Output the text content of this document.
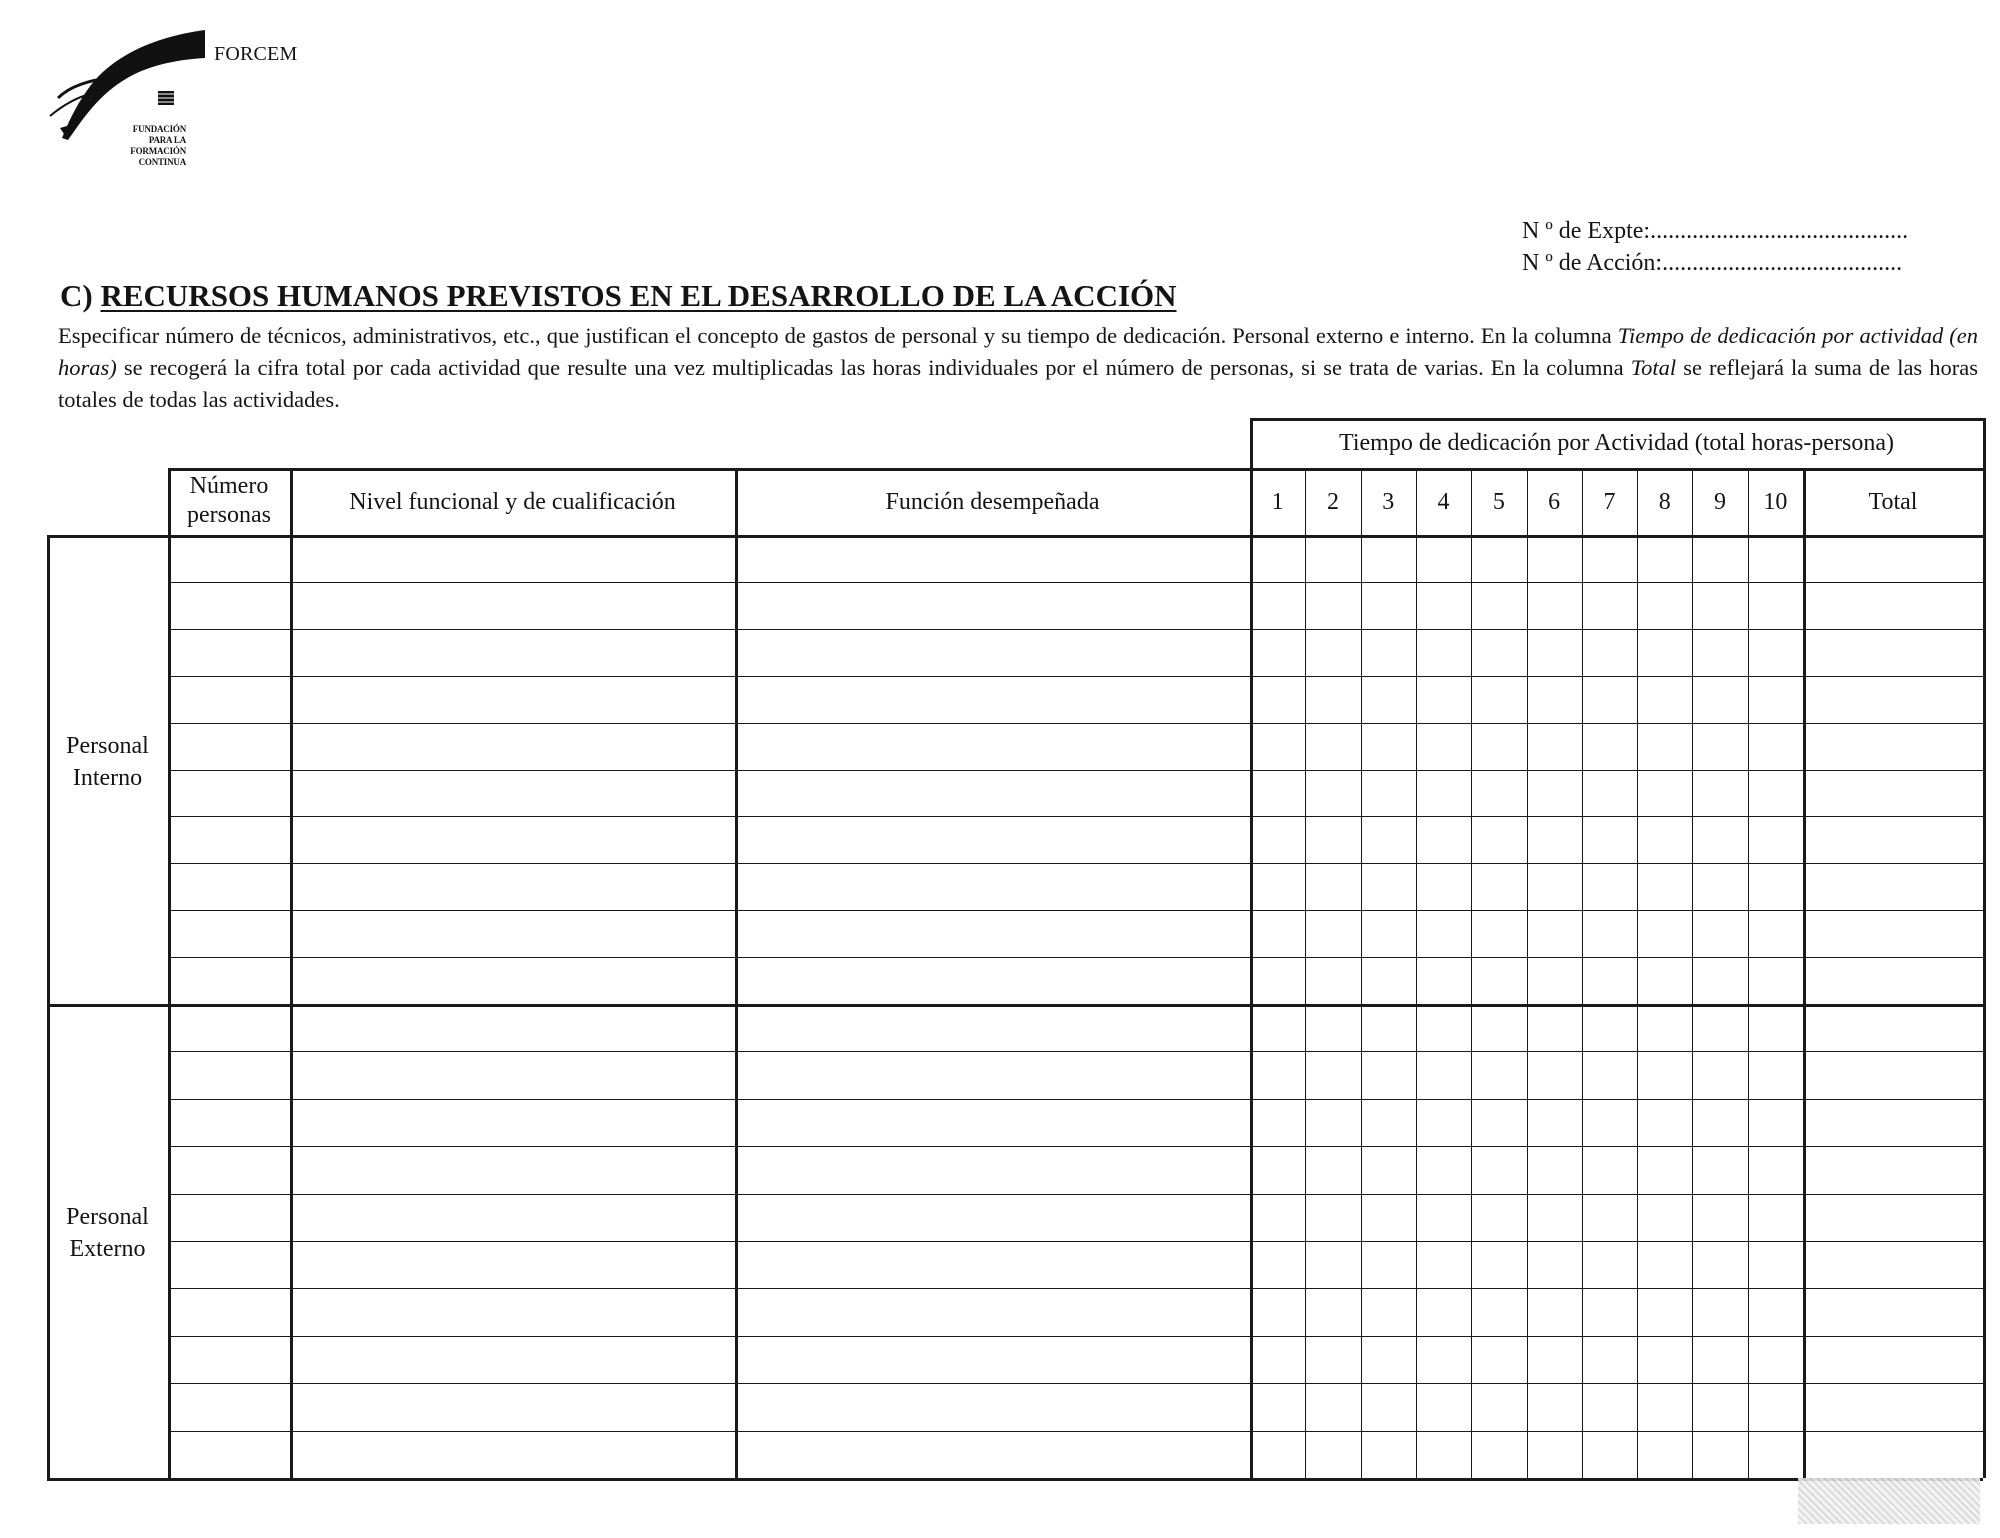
FORCEM
FUNDACIÓN
PARA LA
FORMACIÓN
CONTINUA
N º de Expte:...........................................
N º de Acción:........................................
C) RECURSOS HUMANOS PREVISTOS EN EL DESARROLLO DE LA ACCIÓN

Especificar número de técnicos, administrativos, etc., que justifican el concepto de gastos de personal y su tiempo de dedicación. Personal externo e interno. En la columna Tiempo de dedicación por actividad (en horas) se recogerá la cifra total por cada actividad que resulte una vez multiplicadas las horas individuales por el número de personas, si se trata de varias. En la columna Total se reflejará la suma de las horas totales de todas las actividades.

Tiempo de dedicación por Actividad (total horas-persona)
Número
personas	Nivel funcional y de cualificación	Función desempeñada	1	2	3	4	5	6	7	8	9	10	Total
Personal
Interno
Personal
Externo
